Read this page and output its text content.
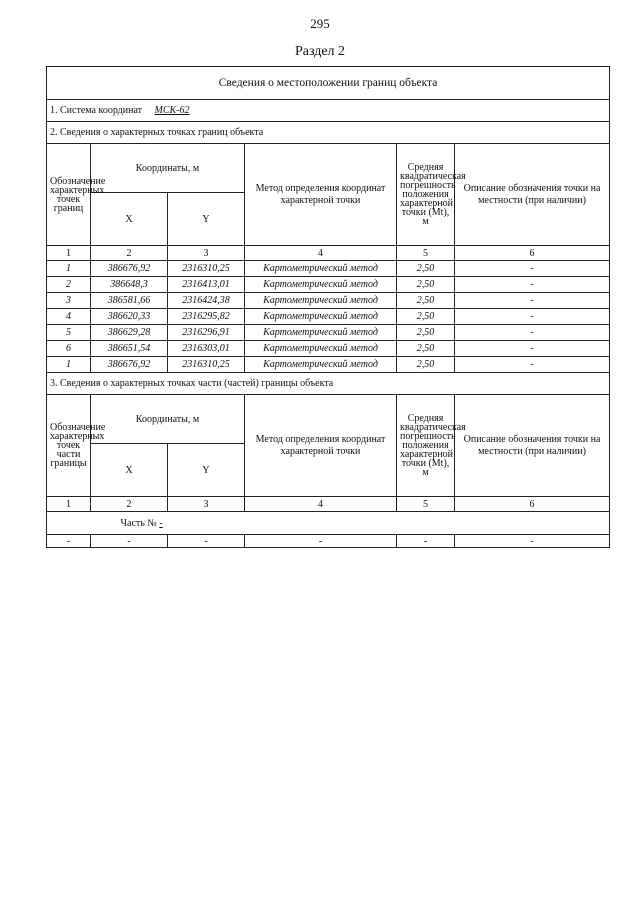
295
Раздел 2
Сведения о местоположении границ объекта					
1. Система координат МСК-62					
2. Сведения о характерных точках границ объекта					
Обозначение характерных точек границ	Координаты, м		Метод определения координат характерной точки	Средняя квадратическая погрешность положения характерной точки (Mt), м	Описание обозначения точки на местности (при наличии)
	X	Y			
1	2	3	4	5	6
1	386676,92	2316310,25	Картометрический метод	2,50	-
2	386648,3	2316413,01	Картометрический метод	2,50	-
3	386581,66	2316424,38	Картометрический метод	2,50	-
4	386620,33	2316295,82	Картометрический метод	2,50	-
5	386629,28	2316296,91	Картометрический метод	2,50	-
6	386651,54	2316303,01	Картометрический метод	2,50	-
1	386676,92	2316310,25	Картометрический метод	2,50	-
3. Сведения о характерных точках части (частей) границы объекта					
Обозначение характерных точек части границы	Координаты, м		Метод определения координат характерной точки	Средняя квадратическая погрешность положения характерной точки (Mt), м	Описание обозначения точки на местности (при наличии)
	X	Y			
1	2	3	4	5	6
	Часть № -				
-	-	-	-	-	-
